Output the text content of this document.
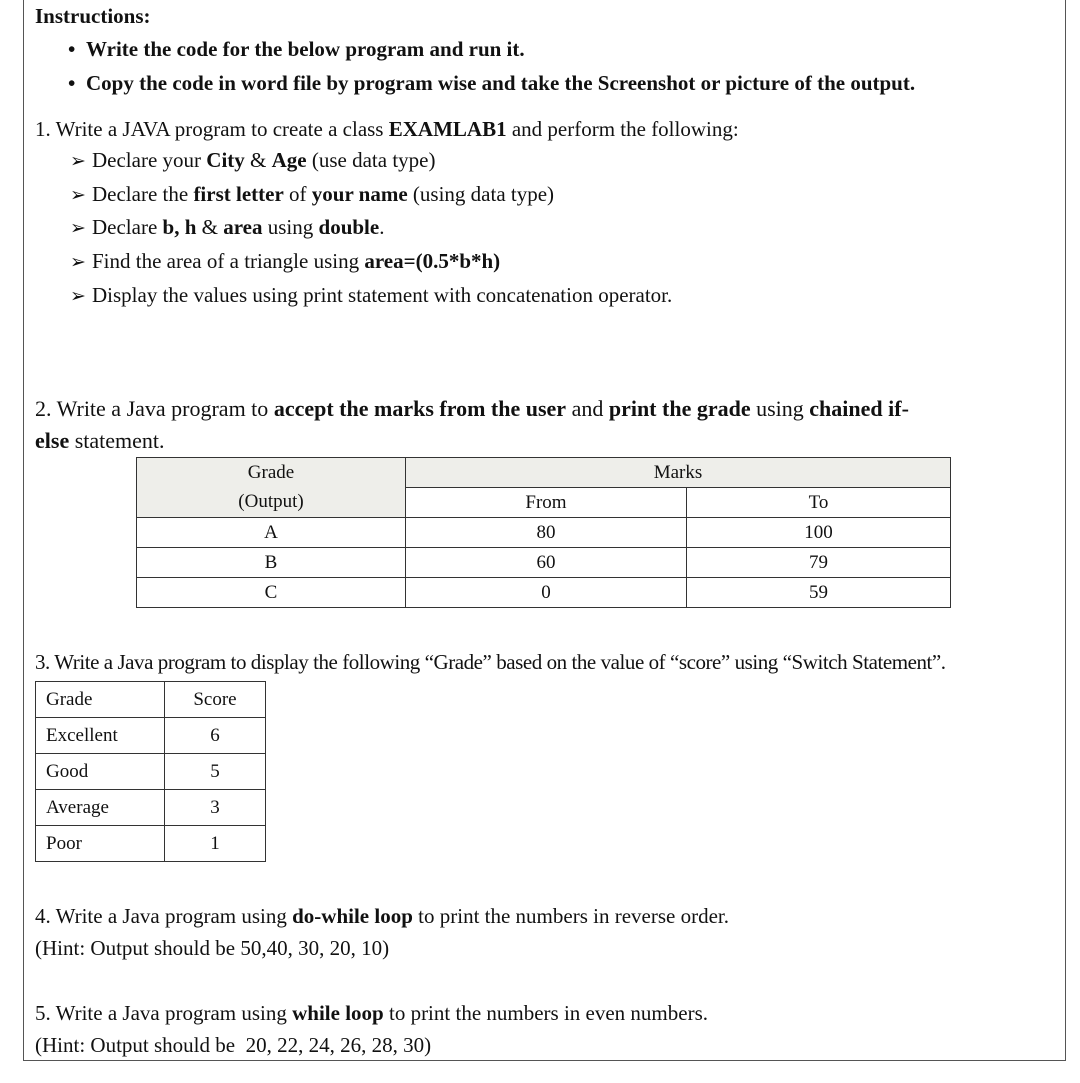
Instructions:
• Write the code for the below program and run it.
• Copy the code in word file by program wise and take the Screenshot or picture of the output.
1. Write a JAVA program to create a class EXAMLAB1 and perform the following:
➢ Declare your City & Age (use data type)
➢ Declare the first letter of your name (using data type)
➢ Declare b, h & area using double.
➢ Find the area of a triangle using area=(0.5*b*h)
➢ Display the values using print statement with concatenation operator.
2. Write a Java program to accept the marks from the user and print the grade using chained if-
else statement.
Grade	Marks	
(Output)	From	To
A	80	100
B	60	79
C	0	59
3. Write a Java program to display the following “Grade” based on the value of “score” using “Switch Statement”.
Grade	Score
Excellent	6
Good	5
Average	3
Poor	1
4. Write a Java program using do-while loop to print the numbers in reverse order.
(Hint: Output should be 50,40, 30, 20, 10)
5. Write a Java program using while loop to print the numbers in even numbers.
(Hint: Output should be  20, 22, 24, 26, 28, 30)
